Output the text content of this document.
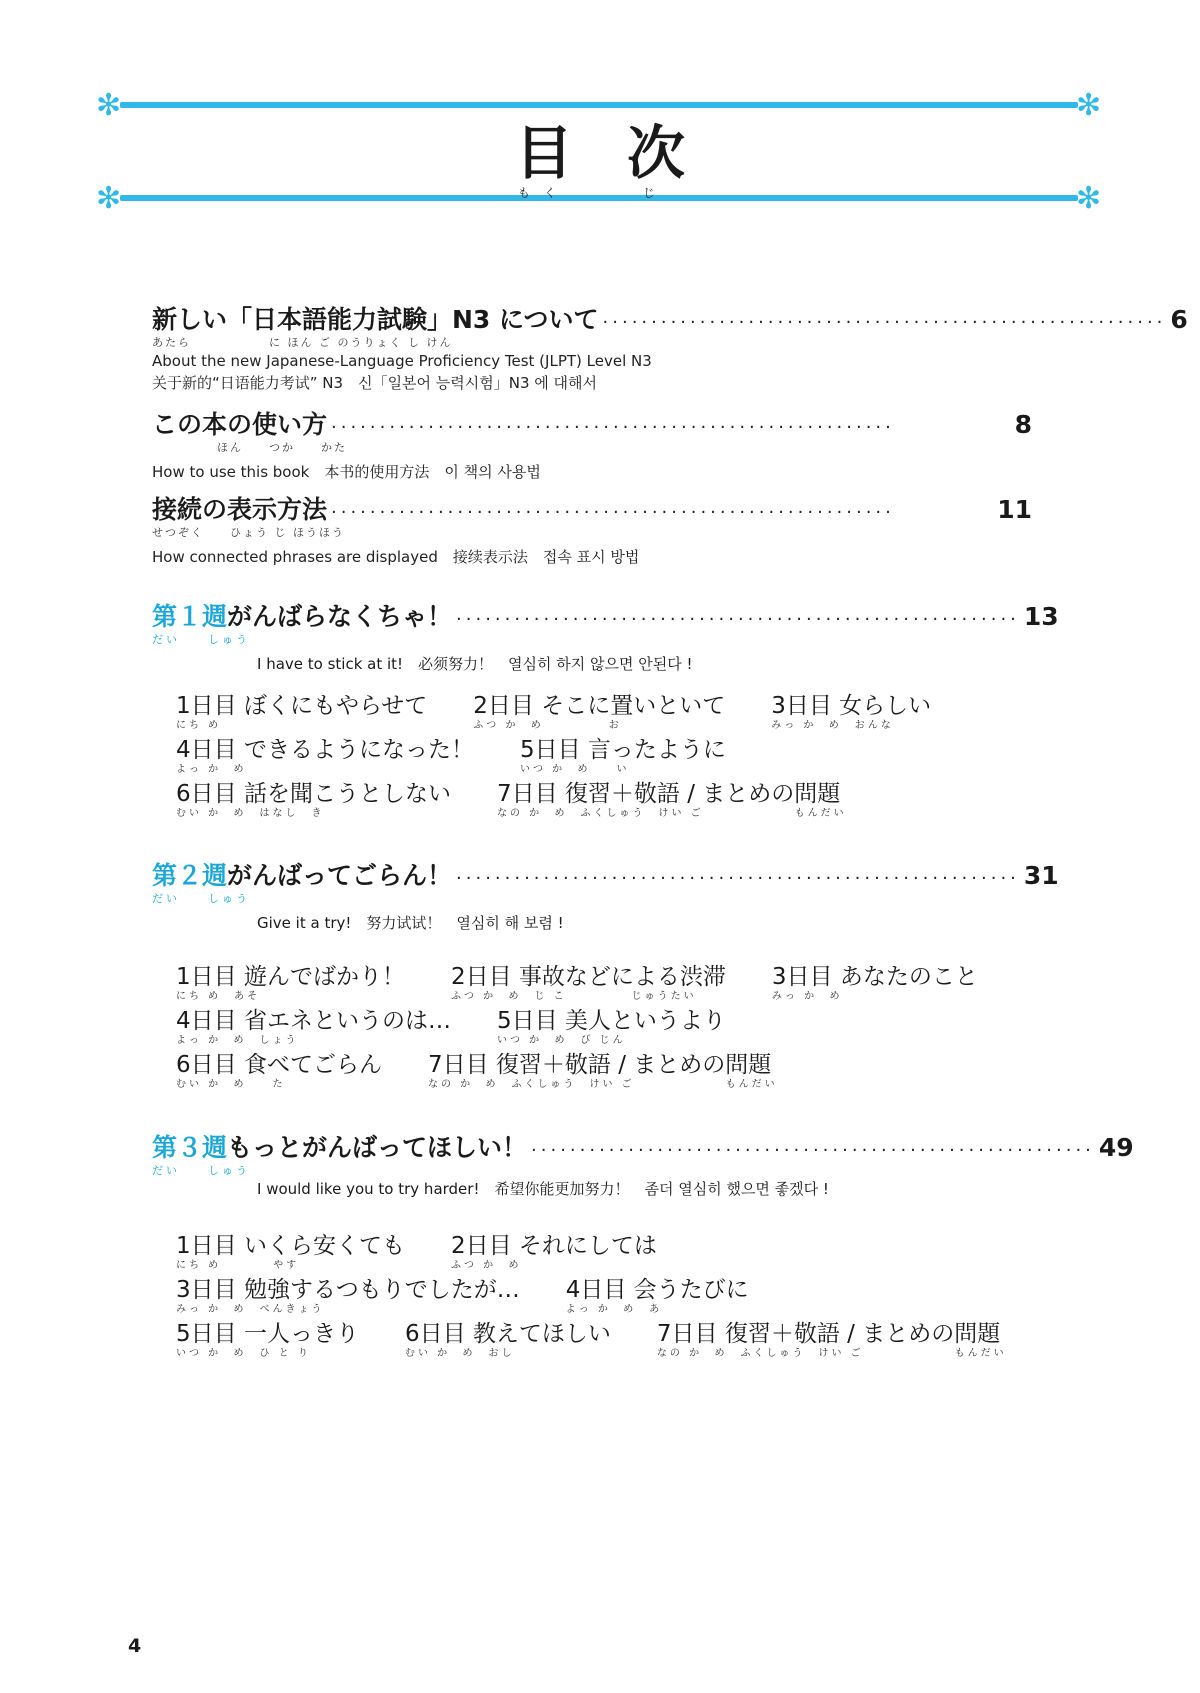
✻	✻
✻	✻
目 次
もく	じ
新しい「日本語能力試験」N3 について ·························································· 6
あたら　　　　　　に ほん ご のうりょく し けん
About the new Japanese-Language Proficiency Test (JLPT) Level N3
关于新的“日语能力考试” N3　신「일본어 능력시험」N3 에 대해서
この本の使い方 ··························································	8
　　　　　ほん　　つか　　かた
How to use this book　本书的使用方法　이 책의 사용법
接続の表示方法 ··························································	11
せつぞく　　ひょう じ ほうほう
How connected phrases are displayed　接续表示法　접속 표시 방법
第１週 がんばらなくちゃ！ ·························································· 13
だい　　しゅう
I have to stick at it!　必须努力！　열심히 하지 않으면 안된다 !
1日目 ぼくにもやらせて
にち め
2日目 そこに置いといて
ふつ か  め　　　　　お
3日目 女らしい
みっ か  め　おんな
4日目 できるようになった！
よっ か  め
5日目 言ったように
いつ か  め　　い
6日目 話を聞こうとしない
むい か  め　はなし　き
7日目 復習＋敬語 / まとめの問題
なの か  め　ふくしゅう　けい ご　　　　　　　もんだい
第２週 がんばってごらん！ ·························································· 31
だい　　しゅう
Give it a try!　努力试试！　열심히 해 보렴 !
1日目 遊んでばかり！
にち め　あそ
2日目 事故などによる渋滞
ふつ か  め　じ こ　　　　　じゅうたい
3日目 あなたのこと
みっ か  め
4日目 省エネというのは…
よっ か  め　しょう
5日目 美人というより
いつ か  め　び じん
6日目 食べてごらん
むい か  め　　た
7日目 復習＋敬語 / まとめの問題
なの か  め　ふくしゅう　けい ご　　　　　　　もんだい
第３週 もっとがんばってほしい！ ·························································· 49
だい　　しゅう
I would like you to try harder!　希望你能更加努力！　좀더 열심히 했으면 좋겠다 !
1日目 いくら安くても
にち め　　　　やす
2日目 それにしては
ふつ か  め
3日目 勉強するつもりでしたが…
みっ か  め　べんきょう
4日目 会うたびに
よっ か  め　あ
5日目 一人っきり
いつ か  め　ひ と り
6日目 教えてほしい
むい か  め　おし
7日目 復習＋敬語 / まとめの問題
なの か  め　ふくしゅう　けい ご　　　　　　　もんだい
4
